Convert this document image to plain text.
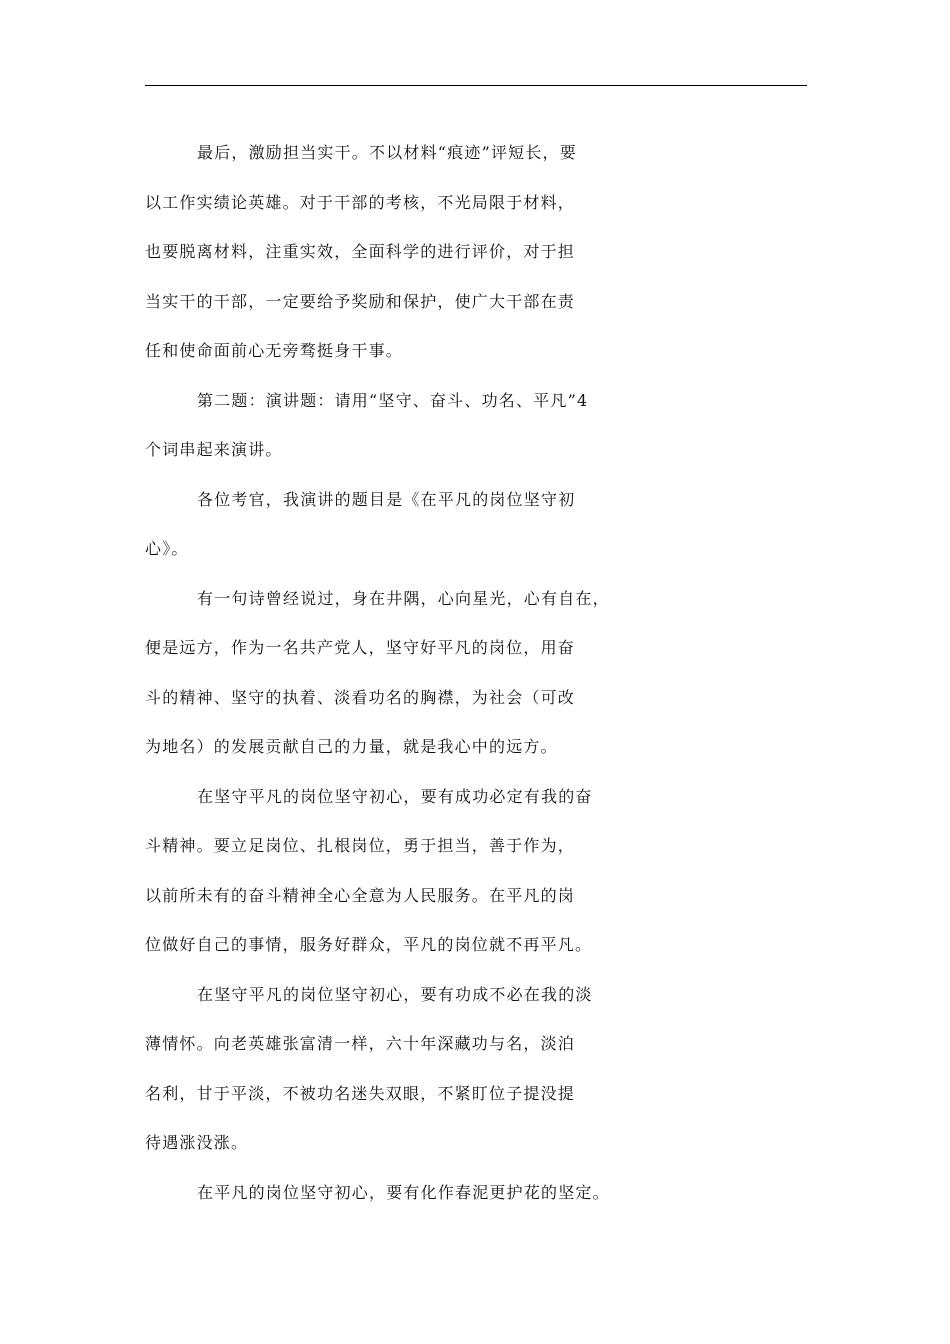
最后，激励担当实干。不以材料“痕迹”评短长，要
以工作实绩论英雄。对于干部的考核，不光局限于材料，
也要脱离材料，注重实效，全面科学的进行评价，对于担
当实干的干部，一定要给予奖励和保护，使广大干部在责
任和使命面前心无旁骛挺身干事。
第二题：演讲题：请用“坚守、奋斗、功名、平凡”4
个词串起来演讲。
各位考官，我演讲的题目是《在平凡的岗位坚守初
心》。
有一句诗曾经说过，身在井隅，心向星光，心有自在，
便是远方，作为一名共产党人，坚守好平凡的岗位，用奋
斗的精神、坚守的执着、淡看功名的胸襟，为社会（可改
为地名）的发展贡献自己的力量，就是我心中的远方。
在坚守平凡的岗位坚守初心，要有成功必定有我的奋
斗精神。要立足岗位、扎根岗位，勇于担当，善于作为，
以前所未有的奋斗精神全心全意为人民服务。在平凡的岗
位做好自己的事情，服务好群众，平凡的岗位就不再平凡。
在坚守平凡的岗位坚守初心，要有功成不必在我的淡
薄情怀。向老英雄张富清一样，六十年深藏功与名，淡泊
名利，甘于平淡，不被功名迷失双眼，不紧盯位子提没提
待遇涨没涨。
在平凡的岗位坚守初心，要有化作春泥更护花的坚定。
